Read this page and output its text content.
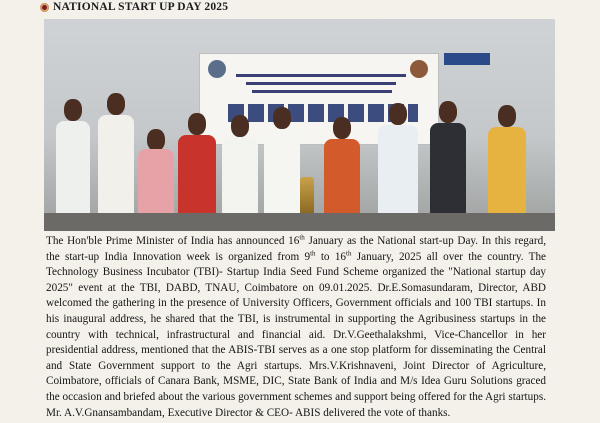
NATIONAL START UP DAY 2025

The Hon'ble Prime Minister of India has announced 16th January as the National start-up Day. In this regard, the start-up India Innovation week is organized from 9th to 16th January, 2025 all over the country. The Technology Business Incubator (TBI)- Startup India Seed Fund Scheme organized the "National startup day 2025" event at the TBI, DABD, TNAU, Coimbatore on 09.01.2025. Dr.E.Somasundaram, Director, ABD welcomed the gathering in the presence of University Officers, Government officials and 100 TBI startups. In his inaugural address, he shared that the TBI, is instrumental in supporting the Agribusiness startups in the country with technical, infrastructural and financial aid. Dr.V.Geethalakshmi, Vice-Chancellor in her presidential address, mentioned that the ABIS-TBI serves as a one stop platform for disseminating the Central and State Government support to the Agri startups. Mrs.V.Krishnaveni, Joint Director of Agriculture, Coimbatore, officials of Canara Bank, MSME, DIC, State Bank of India and M/s Idea Guru Solutions graced the occasion and briefed about the various government schemes and support being offered for the Agri startups. Mr. A.V.Gnansambandam, Executive Director & CEO- ABIS delivered the vote of thanks.
